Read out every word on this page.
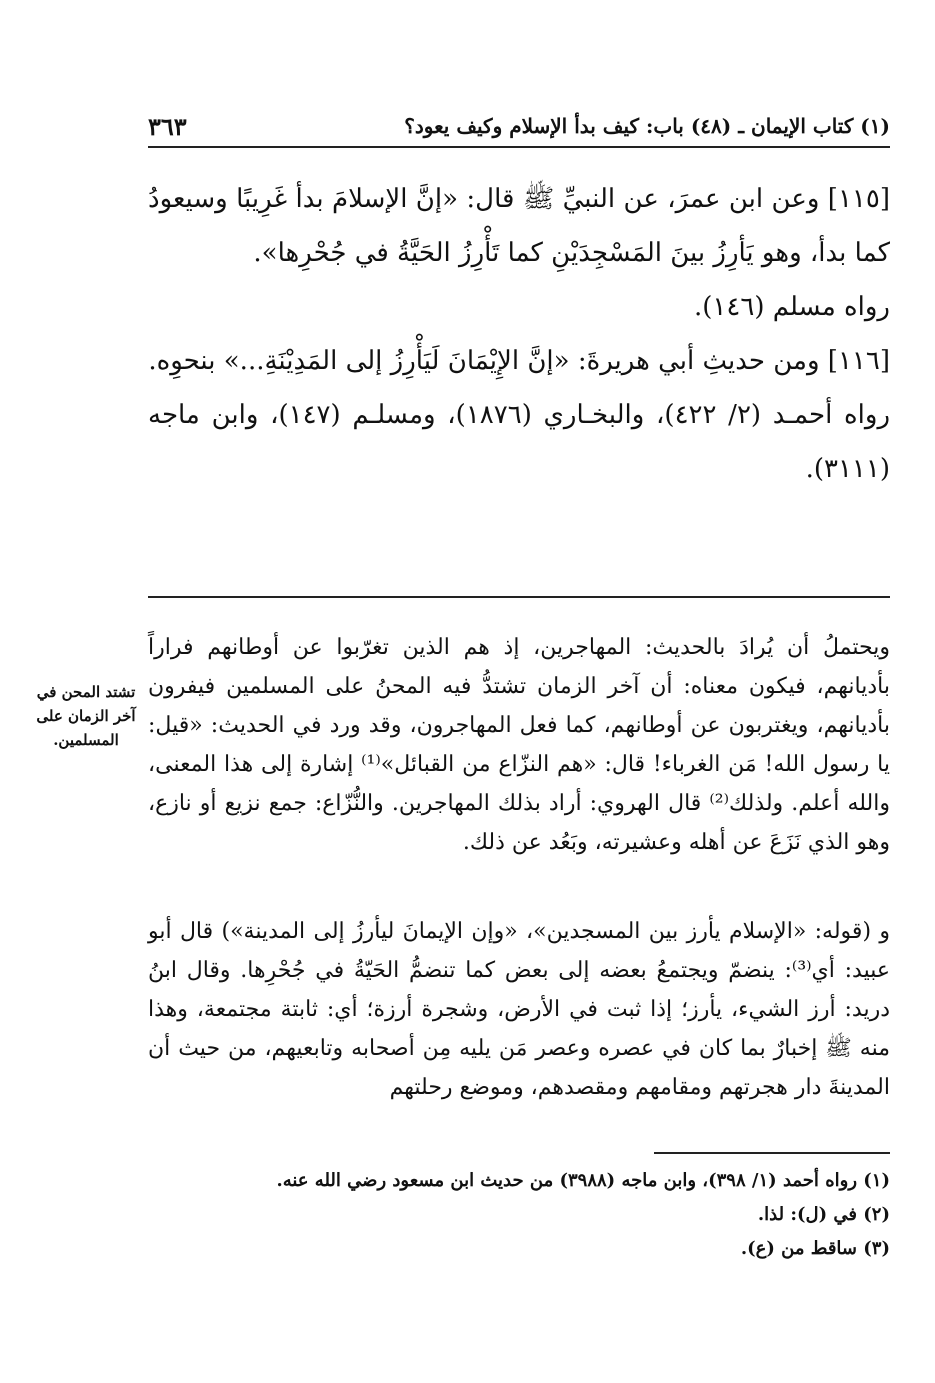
(١) كتاب الإيمان ـ (٤٨) باب: كيف بدأ الإسلام وكيف يعود؟
٣٦٣

[١١٥] وعن ابن عمرَ، عن النبيِّ ﷺ قال: «إنَّ الإسلامَ بدأ غَرِيبًا وسيعودُ كما بدأ، وهو يَأرِزُ بينَ المَسْجِدَيْنِ كما تَأْرِزُ الحَيَّةُ في جُحْرِها».

رواه مسلم (١٤٦).

[١١٦] ومن حديثِ أبي هريرةَ: «إنَّ الإِيْمَانَ لَيَأْرِزُ إلى المَدِيْنَةِ...» بنحوِه.

رواه أحمـد (٢/ ٤٢٢)، والبخـاري (١٨٧٦)، ومسلـم (١٤٧)، وابن ماجه (٣١١١).

تشتد المحن في آخر الزمان على المسلمين.

ويحتملُ أن يُرادَ بالحديث: المهاجرين، إذ هم الذين تغرّبوا عن أوطانهم فراراً بأديانهم، فيكون معناه: أن آخر الزمان تشتدُّ فيه المحنُ على المسلمين فيفرون بأديانهم، ويغتربون عن أوطانهم، كما فعل المهاجرون، وقد ورد في الحديث: «قيل: يا رسول الله! مَن الغرباء! قال: «هم النزّاع من القبائل»⁽¹⁾ إشارة إلى هذا المعنى، والله أعلم. ولذلك⁽²⁾ قال الهروي: أراد بذلك المهاجرين. والنُّزّاع: جمع نزيع أو نازع، وهو الذي نَزَعَ عن أهله وعشيرته، وبَعُد عن ذلك.

و (قوله: «الإسلام يأرز بين المسجدين»، «وإن الإيمانَ ليأرزُ إلى المدينة») قال أبو عبيد: أي⁽³⁾: ينضمّ ويجتمعُ بعضه إلى بعض كما تنضمُّ الحَيّةُ في جُحْرِها. وقال ابنُ دريد: أرز الشيء، يأرز؛ إذا ثبت في الأرض، وشجرة أرزة؛ أي: ثابتة مجتمعة، وهذا منه ﷺ إخبارٌ بما كان في عصره وعصر مَن يليه مِن أصحابه وتابعيهم، من حيث أن المدينةَ دار هجرتهم ومقامهم ومقصدهم، وموضع رحلتهم

(١) رواه أحمد (١/ ٣٩٨)، وابن ماجه (٣٩٨٨) من حديث ابن مسعود رضي الله عنه.

(٢) في (ل): لذا.

(٣) ساقط من (ع).
